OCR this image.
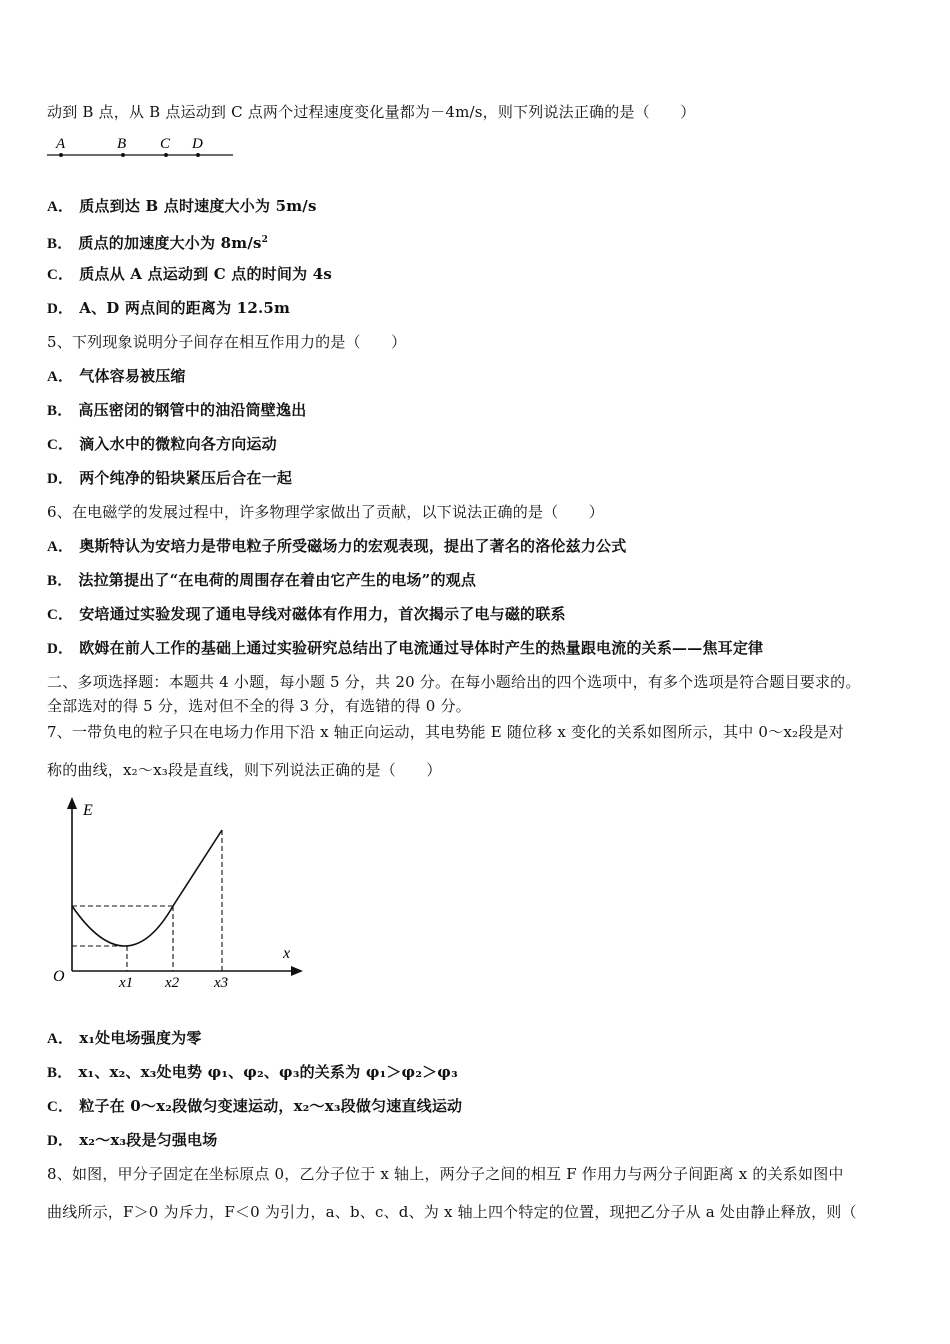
动到 B 点，从 B 点运动到 C 点两个过程速度变化量都为－4m/s，则下列说法正确的是（　　）
A	B C D
A． 质点到达 B 点时速度大小为 5m/s
B． 质点的加速度大小为 $8m/s^2$
C． 质点从 A 点运动到 C 点的时间为 4s
D． A、D 两点间的距离为 12.5m
5、下列现象说明分子间存在相互作用力的是（　　）
A． 气体容易被压缩
B． 高压密闭的钢管中的油沿筒壁逸出
C． 滴入水中的微粒向各方向运动
D． 两个纯净的铅块紧压后合在一起
6、在电磁学的发展过程中，许多物理学家做出了贡献，以下说法正确的是（　　）
A． 奥斯特认为安培力是带电粒子所受磁场力的宏观表现，提出了著名的洛伦兹力公式
B． 法拉第提出了“在电荷的周围存在着由它产生的电场”的观点
C． 安培通过实验发现了通电导线对磁体有作用力，首次揭示了电与磁的联系
D． 欧姆在前人工作的基础上通过实验研究总结出了电流通过导体时产生的热量跟电流的关系——焦耳定律
二、多项选择题：本题共 4 小题，每小题 5 分，共 20 分。在每小题给出的四个选项中，有多个选项是符合题目要求的。
全部选对的得 5 分，选对但不全的得 3 分，有选错的得 0 分。
7、一带负电的粒子只在电场力作用下沿 x 轴正向运动，其电势能 E 随位移 x 变化的关系如图所示，其中 0～x₂段是对
称的曲线，x₂～x₃段是直线，则下列说法正确的是（　　）
E
x
O	x1 x2 x3
A． x₁处电场强度为零
B． x₁、x₂、x₃处电势 φ₁、φ₂、φ₃的关系为 φ₁＞φ₂＞φ₃
C． 粒子在 0～x₂段做匀变速运动，x₂～x₃段做匀速直线运动
D． x₂～x₃段是匀强电场
8、如图，甲分子固定在坐标原点 0，乙分子位于 x 轴上，两分子之间的相互 F 作用力与两分子间距离 x 的关系如图中
曲线所示，F＞0 为斥力，F＜0 为引力，a、b、c、d、为 x 轴上四个特定的位置，现把乙分子从 a 处由静止释放，则（
